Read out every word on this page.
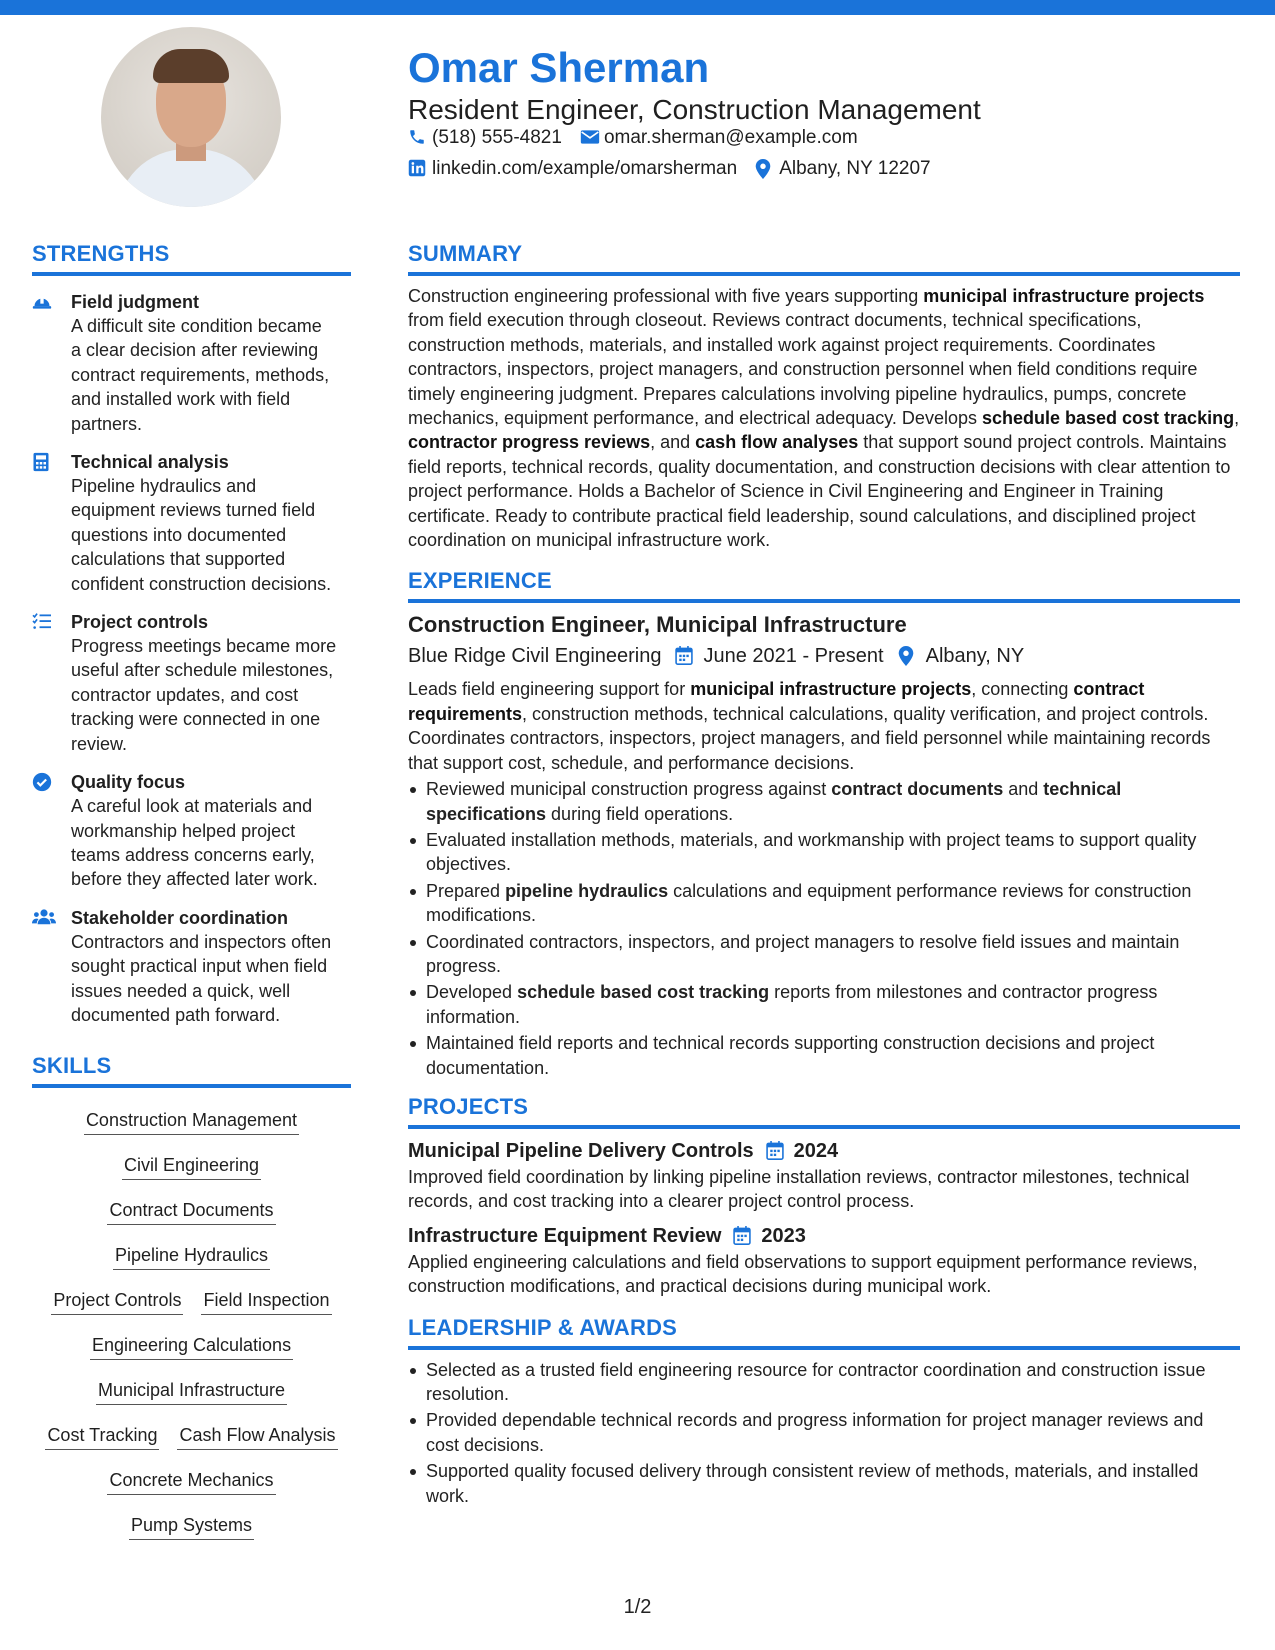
Omar Sherman
Resident Engineer, Construction Management
(518) 555-4821 omar.sherman@example.com
linkedin.com/example/omarsherman Albany, NY 12207
STRENGTHS
Field judgment
A difficult site condition became
a clear decision after reviewing
contract requirements, methods,
and installed work with field
partners.
Technical analysis
Pipeline hydraulics and
equipment reviews turned field
questions into documented
calculations that supported
confident construction decisions.
Project controls
Progress meetings became more
useful after schedule milestones,
contractor updates, and cost
tracking were connected in one
review.
Quality focus
A careful look at materials and
workmanship helped project
teams address concerns early,
before they affected later work.
Stakeholder coordination
Contractors and inspectors often
sought practical input when field
issues needed a quick, well
documented path forward.
SKILLS
Construction Management
Civil Engineering
Contract Documents
Pipeline Hydraulics
Project Controls Field Inspection
Engineering Calculations
Municipal Infrastructure
Cost Tracking Cash Flow Analysis
Concrete Mechanics
Pump Systems
SUMMARY
Construction engineering professional with five years supporting municipal infrastructure projects from field execution through closeout. Reviews contract documents, technical specifications, construction methods, materials, and installed work against project requirements. Coordinates contractors, inspectors, project managers, and construction personnel when field conditions require timely engineering judgment. Prepares calculations involving pipeline hydraulics, pumps, concrete mechanics, equipment performance, and electrical adequacy. Develops schedule based cost tracking, contractor progress reviews, and cash flow analyses that support sound project controls. Maintains field reports, technical records, quality documentation, and construction decisions with clear attention to project performance. Holds a Bachelor of Science in Civil Engineering and Engineer in Training certificate. Ready to contribute practical field leadership, sound calculations, and disciplined project coordination on municipal infrastructure work.
EXPERIENCE
Construction Engineer, Municipal Infrastructure
Blue Ridge Civil Engineering June 2021 - Present Albany, NY
Leads field engineering support for municipal infrastructure projects, connecting contract requirements, construction methods, technical calculations, quality verification, and project controls. Coordinates contractors, inspectors, project managers, and field personnel while maintaining records that support cost, schedule, and performance decisions.
Reviewed municipal construction progress against contract documents and technical specifications during field operations.
Evaluated installation methods, materials, and workmanship with project teams to support quality objectives.
Prepared pipeline hydraulics calculations and equipment performance reviews for construction modifications.
Coordinated contractors, inspectors, and project managers to resolve field issues and maintain progress.
Developed schedule based cost tracking reports from milestones and contractor progress information.
Maintained field reports and technical records supporting construction decisions and project documentation.
PROJECTS
Municipal Pipeline Delivery Controls 2024
Improved field coordination by linking pipeline installation reviews, contractor milestones, technical records, and cost tracking into a clearer project control process.
Infrastructure Equipment Review 2023
Applied engineering calculations and field observations to support equipment performance reviews, construction modifications, and practical decisions during municipal work.
LEADERSHIP & AWARDS
Selected as a trusted field engineering resource for contractor coordination and construction issue resolution.
Provided dependable technical records and progress information for project manager reviews and cost decisions.
Supported quality focused delivery through consistent review of methods, materials, and installed work.
1/2
